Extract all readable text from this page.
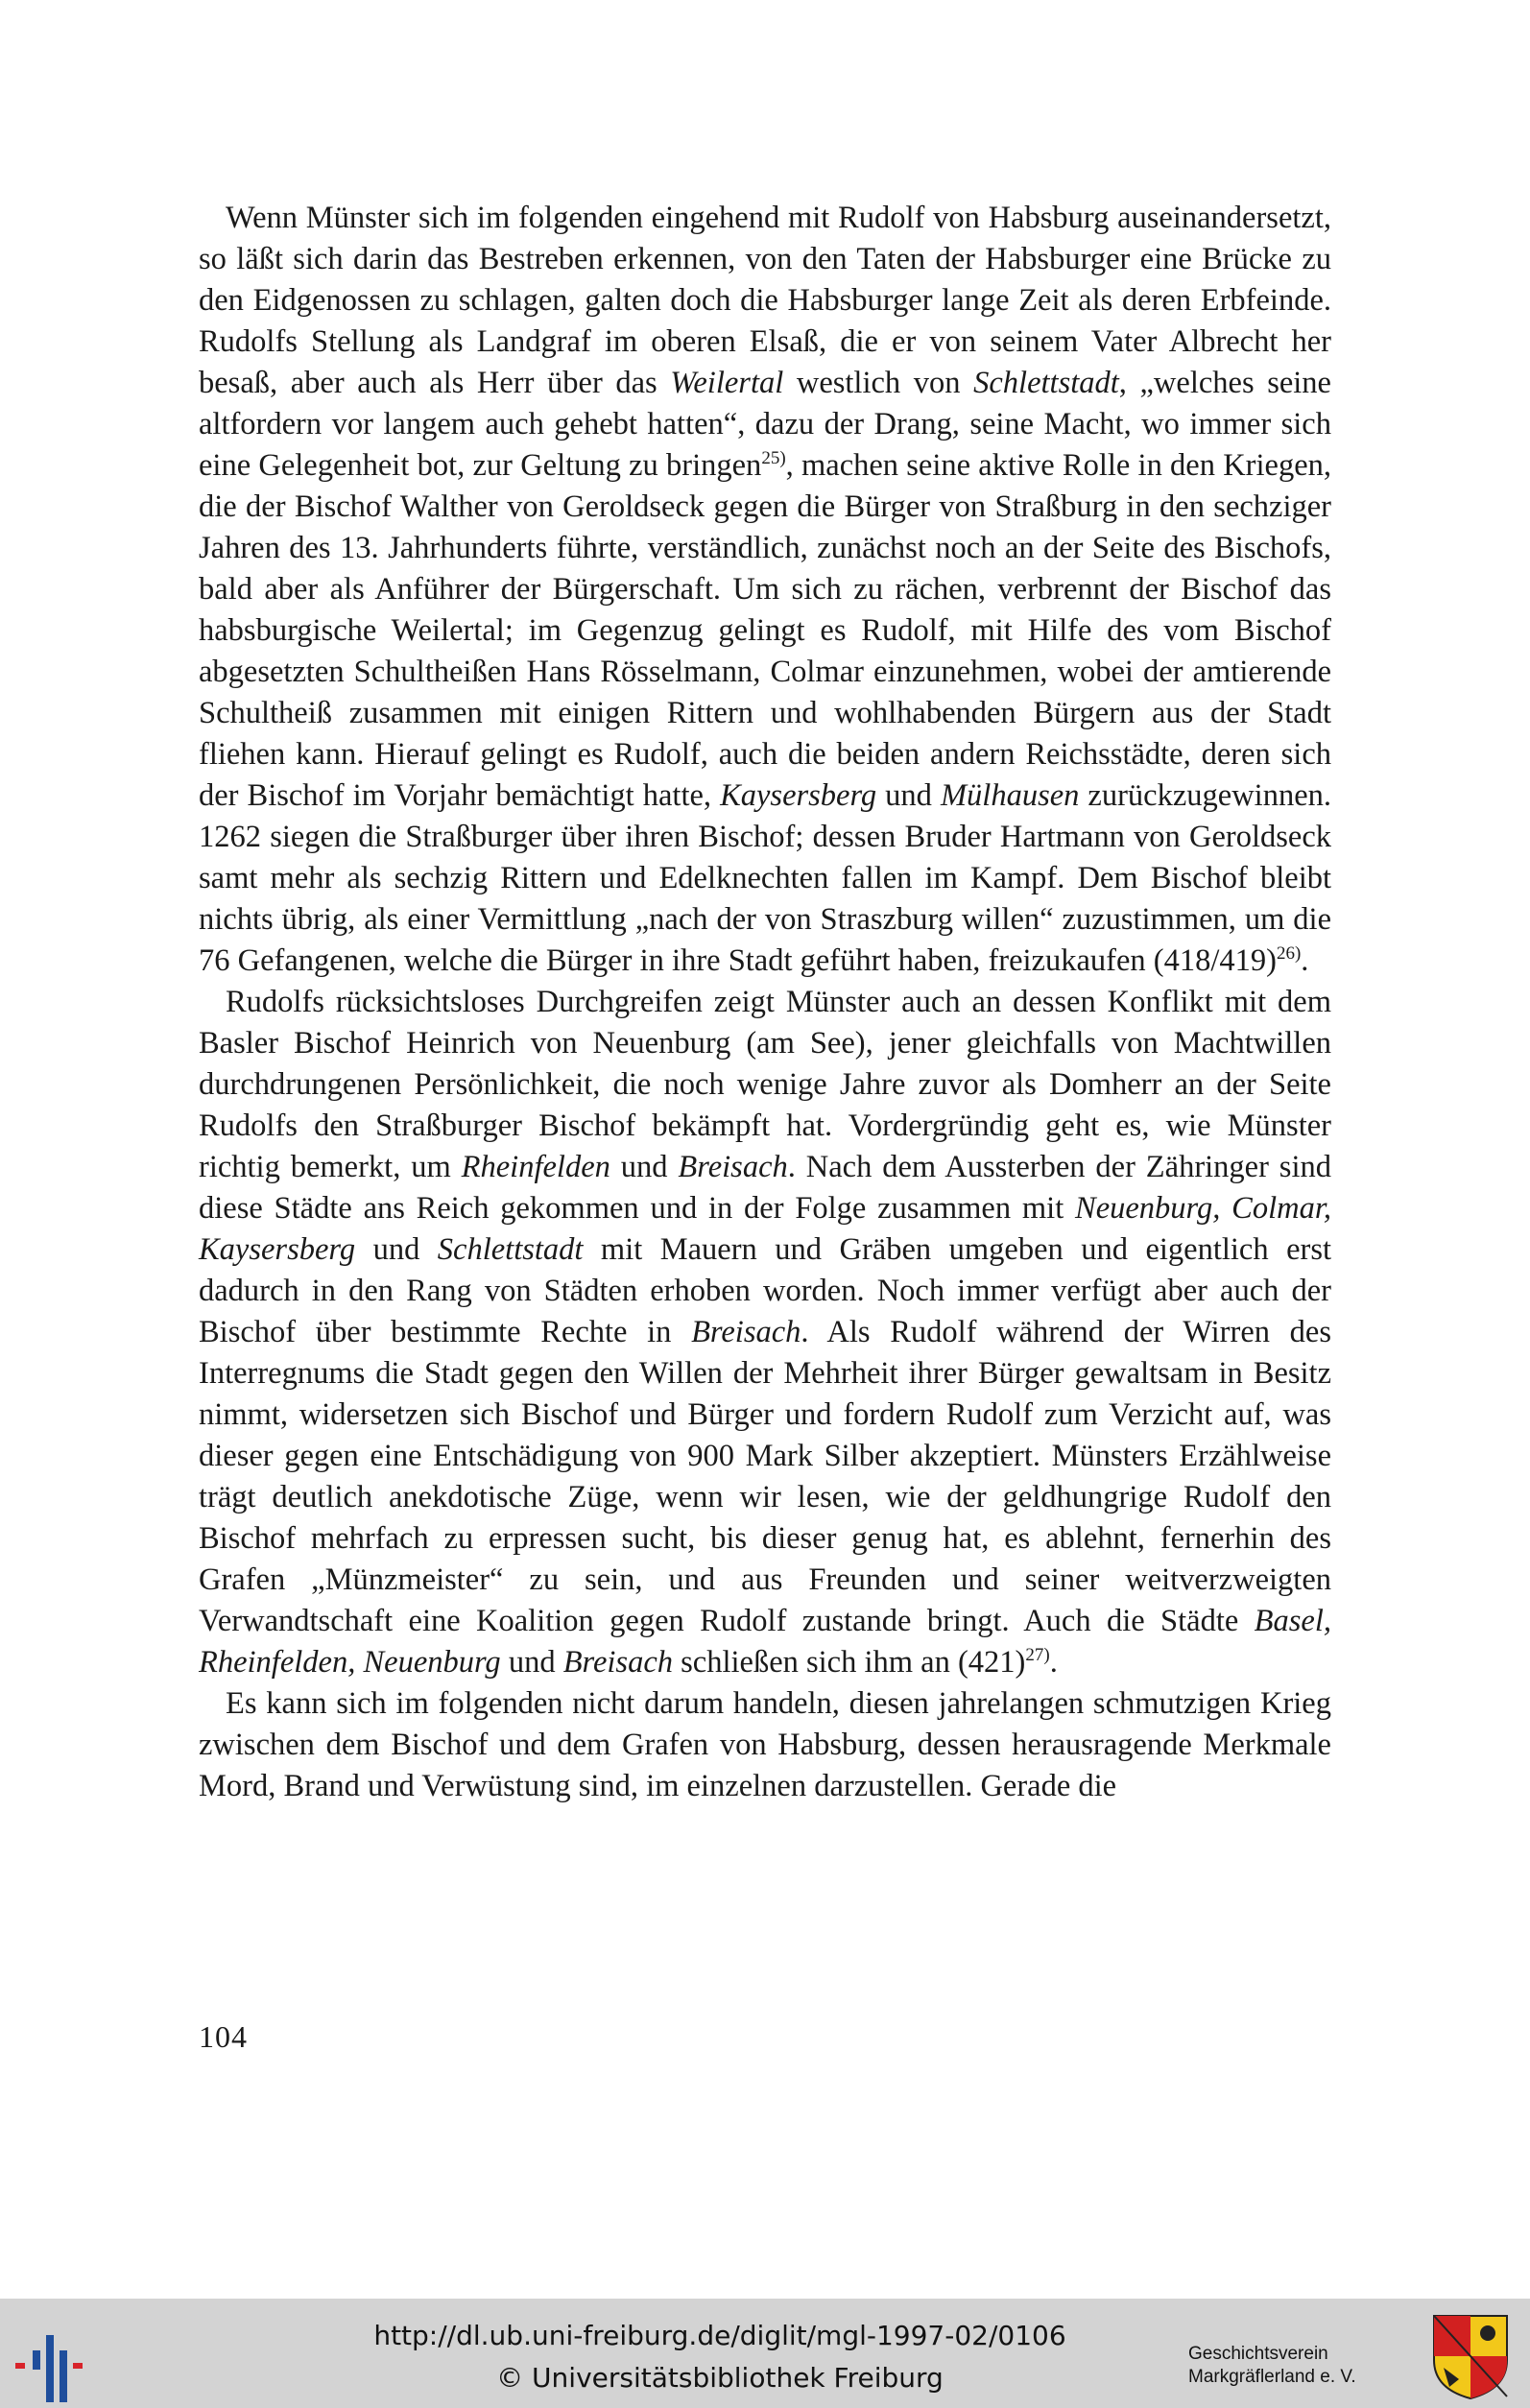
Wenn Münster sich im folgenden eingehend mit Rudolf von Habsburg auseinandersetzt, so läßt sich darin das Bestreben erkennen, von den Taten der Habsburger eine Brücke zu den Eidgenossen zu schlagen, galten doch die Habsburger lange Zeit als deren Erbfeinde. Rudolfs Stellung als Landgraf im oberen Elsaß, die er von seinem Vater Albrecht her besaß, aber auch als Herr über das Weilertal westlich von Schlettstadt, „welches seine altfordern vor langem auch gehebt hatten“, dazu der Drang, seine Macht, wo immer sich eine Gelegenheit bot, zur Geltung zu bringen$^{25)}$, machen seine aktive Rolle in den Kriegen, die der Bischof Walther von Geroldseck gegen die Bürger von Straßburg in den sechziger Jahren des 13. Jahrhunderts führte, verständlich, zunächst noch an der Seite des Bischofs, bald aber als Anführer der Bürgerschaft. Um sich zu rächen, verbrennt der Bischof das habsburgische Weilertal; im Gegenzug gelingt es Rudolf, mit Hilfe des vom Bischof abgesetzten Schultheißen Hans Rösselmann, Colmar einzunehmen, wobei der amtierende Schultheiß zusammen mit einigen Rittern und wohlhabenden Bürgern aus der Stadt fliehen kann. Hierauf gelingt es Rudolf, auch die beiden andern Reichsstädte, deren sich der Bischof im Vorjahr bemächtigt hatte, Kaysersberg und Mülhausen zurückzugewinnen. 1262 siegen die Straßburger über ihren Bischof; dessen Bruder Hartmann von Geroldseck samt mehr als sechzig Rittern und Edelknechten fallen im Kampf. Dem Bischof bleibt nichts übrig, als einer Vermittlung „nach der von Straszburg willen“ zuzustimmen, um die 76 Gefangenen, welche die Bürger in ihre Stadt geführt haben, freizukaufen $(418/419)^{26)}$.

Rudolfs rücksichtsloses Durchgreifen zeigt Münster auch an dessen Konflikt mit dem Basler Bischof Heinrich von Neuenburg (am See), jener gleichfalls von Machtwillen durchdrungenen Persönlichkeit, die noch wenige Jahre zuvor als Domherr an der Seite Rudolfs den Straßburger Bischof bekämpft hat. Vordergründig geht es, wie Münster richtig bemerkt, um Rheinfelden und Breisach. Nach dem Aussterben der Zähringer sind diese Städte ans Reich gekommen und in der Folge zusammen mit Neuenburg, Colmar, Kaysersberg und Schlettstadt mit Mauern und Gräben umgeben und eigentlich erst dadurch in den Rang von Städten erhoben worden. Noch immer verfügt aber auch der Bischof über bestimmte Rechte in Breisach. Als Rudolf während der Wirren des Interregnums die Stadt gegen den Willen der Mehrheit ihrer Bürger gewaltsam in Besitz nimmt, widersetzen sich Bischof und Bürger und fordern Rudolf zum Verzicht auf, was dieser gegen eine Entschädigung von 900 Mark Silber akzeptiert. Münsters Erzählweise trägt deutlich anekdotische Züge, wenn wir lesen, wie der geldhungrige Rudolf den Bischof mehrfach zu erpressen sucht, bis dieser genug hat, es ablehnt, fernerhin des Grafen „Münzmeister“ zu sein, und aus Freunden und seiner weitverzweigten Verwandtschaft eine Koalition gegen Rudolf zustande bringt. Auch die Städte Basel, Rheinfelden, Neuenburg und Breisach schließen sich ihm an $(421)^{27)}$.

Es kann sich im folgenden nicht darum handeln, diesen jahrelangen schmutzigen Krieg zwischen dem Bischof und dem Grafen von Habsburg, dessen herausragende Merkmale Mord, Brand und Verwüstung sind, im einzelnen darzustellen. Gerade die

104
http://dl.ub.uni-freiburg.de/diglit/mgl-1997-02/0106
© Universitätsbibliothek Freiburg
Geschichtsverein
Markgräflerland e. V.
